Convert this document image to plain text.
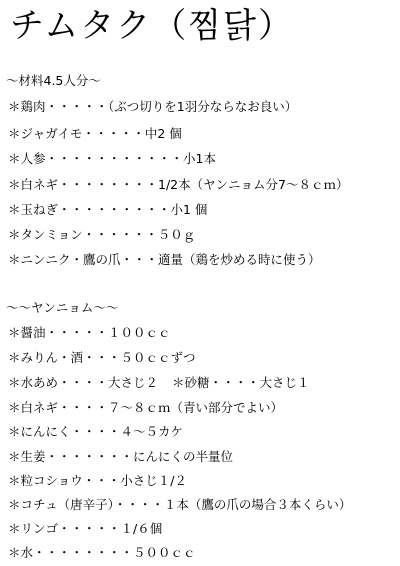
チムタク（찜닭）
～材料4.5人分～
＊鶏肉・・・・・（ぶつ切りを1羽分ならなお良い）
＊ジャガイモ・・・・・中2 個
＊人参・・・・・・・・・・・小1本
＊白ネギ・・・・・・・・1/2本（ヤンニョム分7～８ｃｍ）
＊玉ねぎ・・・・・・・・・小1 個
＊タンミョン・・・・・・５０ｇ
＊ニンニク・鷹の爪・・・適量（鶏を炒める時に使う）
～～ヤンニョム～～
＊醤油・・・・・１００ｃｃ
＊みりん・酒・・・５０ｃｃずつ
＊水あめ・・・・大さじ２ ＊砂糖・・・・大さじ１
＊白ネギ・・・・７～８ｃｍ（青い部分でよい）
＊にんにく・・・・４～５カケ
＊生姜・・・・・・・にんにくの半量位
＊粒コショウ・・・小さじ１/２
＊コチュ（唐辛子）・・・・１本（鷹の爪の場合３本くらい）
＊リンゴ・・・・・１/６個
＊水・・・・・・・・５００ｃｃ
